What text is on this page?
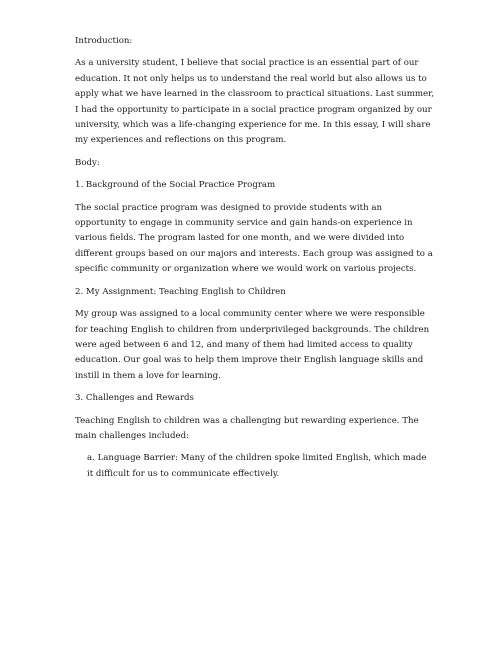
Introduction:

As a university student, I believe that social practice is an essential part of our education. It not only helps us to understand the real world but also allows us to apply what we have learned in the classroom to practical situations. Last summer, I had the opportunity to participate in a social practice program organized by our university, which was a life-changing experience for me. In this essay, I will share my experiences and reflections on this program.

Body:

1. Background of the Social Practice Program

The social practice program was designed to provide students with an opportunity to engage in community service and gain hands-on experience in various fields. The program lasted for one month, and we were divided into different groups based on our majors and interests. Each group was assigned to a specific community or organization where we would work on various projects.

2. My Assignment: Teaching English to Children

My group was assigned to a local community center where we were responsible for teaching English to children from underprivileged backgrounds. The children were aged between 6 and 12, and many of them had limited access to quality education. Our goal was to help them improve their English language skills and instill in them a love for learning.

3. Challenges and Rewards

Teaching English to children was a challenging but rewarding experience. The main challenges included:

a. Language Barrier: Many of the children spoke limited English, which made it difficult for us to communicate effectively.
